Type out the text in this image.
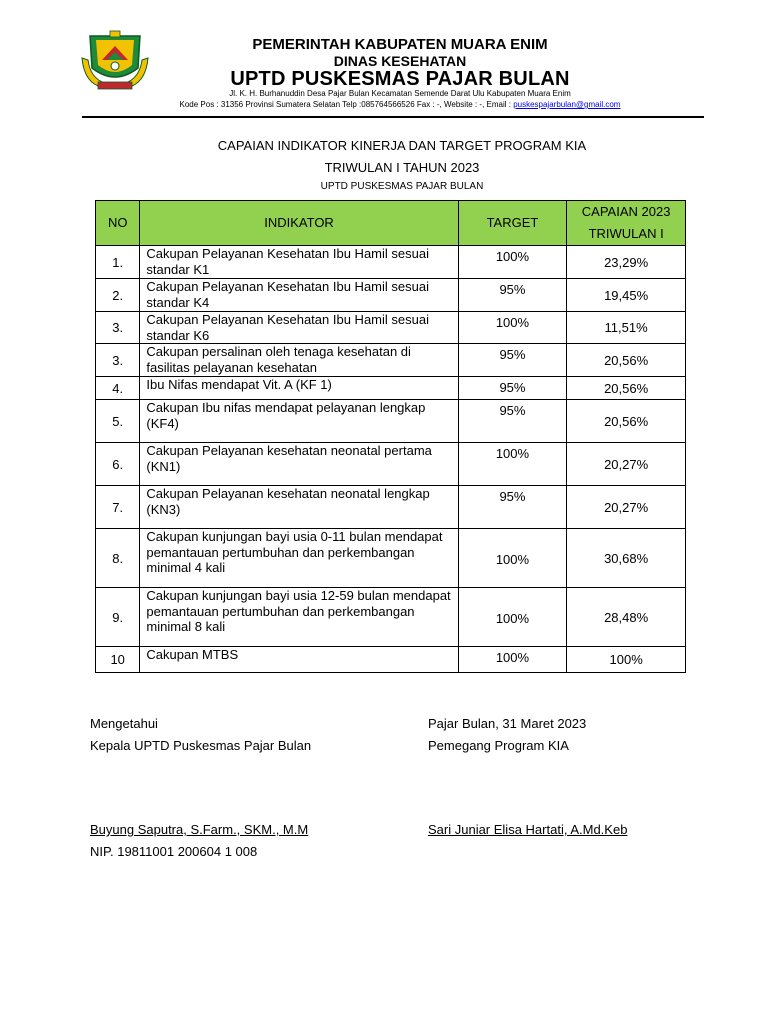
PEMERINTAH KABUPATEN MUARA ENIM
DINAS KESEHATAN
UPTD PUSKESMAS PAJAR BULAN
Jl. K. H. Burhanuddin Desa Pajar Bulan Kecamatan Semende Darat Ulu Kabupaten Muara Enim
Kode Pos : 31356 Provinsi Sumatera Selatan Telp :085764566526 Fax : -, Website : -, Email : puskespajarbulan@gmail.com
CAPAIAN INDIKATOR KINERJA DAN TARGET PROGRAM KIA
TRIWULAN I TAHUN 2023
UPTD PUSKESMAS PAJAR BULAN
NO	INDIKATOR	TARGET	CAPAIAN 2023
TRIWULAN I
1.	Cakupan Pelayanan Kesehatan Ibu Hamil sesuai standar K1	100%	23,29%
2.	Cakupan Pelayanan Kesehatan Ibu Hamil sesuai standar K4	95%	19,45%
3.	Cakupan Pelayanan Kesehatan Ibu Hamil sesuai standar K6	100%	11,51%
3.	Cakupan persalinan oleh tenaga kesehatan di fasilitas pelayanan kesehatan	95%	20,56%
4.	Ibu Nifas mendapat Vit. A (KF 1)	95%	20,56%
5.	Cakupan Ibu nifas mendapat pelayanan lengkap (KF4)	95%	20,56%
6.	Cakupan Pelayanan kesehatan neonatal pertama (KN1)	100%	20,27%
7.	Cakupan Pelayanan kesehatan neonatal lengkap (KN3)	95%	20,27%
8.	Cakupan kunjungan bayi usia 0-11 bulan mendapat pemantauan pertumbuhan dan perkembangan minimal 4 kali	100%	30,68%
9.	Cakupan kunjungan bayi usia 12-59 bulan mendapat pemantauan pertumbuhan dan perkembangan minimal 8 kali	100%	28,48%
10	Cakupan MTBS	100%	100%
Mengetahui
Kepala UPTD Puskesmas Pajar Bulan
Buyung Saputra, S.Farm., SKM., M.M
NIP. 19811001 200604 1 008
Pajar Bulan, 31 Maret 2023
Pemegang Program KIA
Sari Juniar Elisa Hartati, A.Md.Keb
